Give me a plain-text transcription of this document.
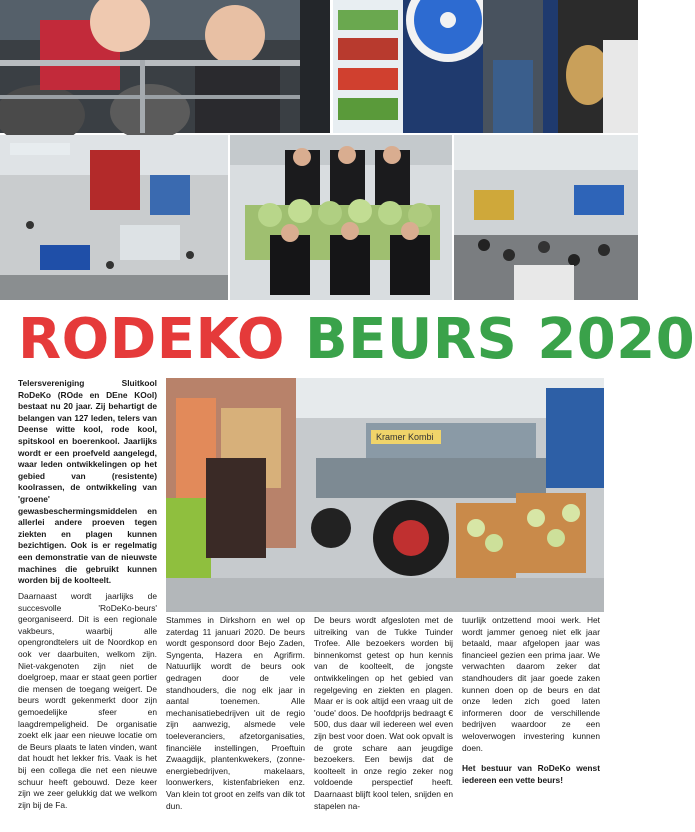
RODEKO BEURS 2020
Kramer Kombi

Telersvereniging Sluitkool RoDeKo (ROde en DEne KOol) bestaat nu 20 jaar. Zij behartigt de belangen van 127 leden, telers van Deense witte kool, rode kool, spitskool en boerenkool. Jaarlijks wordt er een proefveld aangelegd, waar leden ontwikkelingen op het gebied van (resistente) koolrassen, de ontwikkeling van 'groene' gewasbeschermingsmiddelen en allerlei andere proeven tegen ziekten en plagen kunnen bezichtigen. Ook is er regelmatig een demonstratie van de nieuwste machines die gebruikt kunnen worden bij de koolteelt.

Daarnaast wordt jaarlijks de succesvolle 'RoDeKo-beurs' georganiseerd. Dit is een regionale vakbeurs, waarbij alle opengrondtelers uit de Noordkop en ook ver daarbuiten, welkom zijn. Niet-vakgenoten zijn niet de doelgroep, maar er staat geen portier die mensen de toegang weigert. De beurs wordt gekenmerkt door zijn gemoedelijke sfeer en laagdrempeligheid. De organisatie zoekt elk jaar een nieuwe locatie om de Beurs plaats te laten vinden, want dat houdt het lekker fris. Vaak is het bij een collega die net een nieuwe schuur heeft gebouwd. Deze keer zijn we zeer gelukkig dat we welkom zijn bij de Fa.

Stammes in Dirkshorn en wel op zaterdag 11 januari 2020. De beurs wordt gesponsord door Bejo Zaden, Syngenta, Hazera en Agrifirm. Natuurlijk wordt de beurs ook gedragen door de vele standhouders, die nog elk jaar in aantal toenemen. Alle mechanisatiebedrijven uit de regio zijn aanwezig, alsmede vele toeleveranciers, afzetorganisaties, financiële instellingen, Proeftuin Zwaagdijk, plantenkwekers, (zonne-energiebedrijven, makelaars, loonwerkers, kistenfabrieken enz. Van klein tot groot en zelfs van dik tot dun.

De beurs wordt afgesloten met de uitreiking van de Tukke Tuinder Trofee. Alle bezoekers worden bij binnenkomst getest op hun kennis van de koolteelt, de jongste ontwikkelingen op het gebied van regelgeving en ziekten en plagen. Maar er is ook altijd een vraag uit de 'oude' doos. De hoofdprijs bedraagt € 500, dus daar wil iedereen wel even zijn best voor doen. Wat ook opvalt is de grote schare aan jeugdige bezoekers. Een bewijs dat de koolteelt in onze regio zeker nog voldoende perspectief heeft. Daarnaast blijft kool telen, snijden en stapelen na-

tuurlijk ontzettend mooi werk. Het wordt jammer genoeg niet elk jaar betaald, maar afgelopen jaar was financieel gezien een prima jaar. We verwachten daarom zeker dat standhouders dit jaar goede zaken kunnen doen op de beurs en dat onze leden zich goed laten informeren door de verschillende bedrijven waardoor ze een weloverwogen investering kunnen doen.

Het bestuur van RoDeKo wenst iedereen een vette beurs!
